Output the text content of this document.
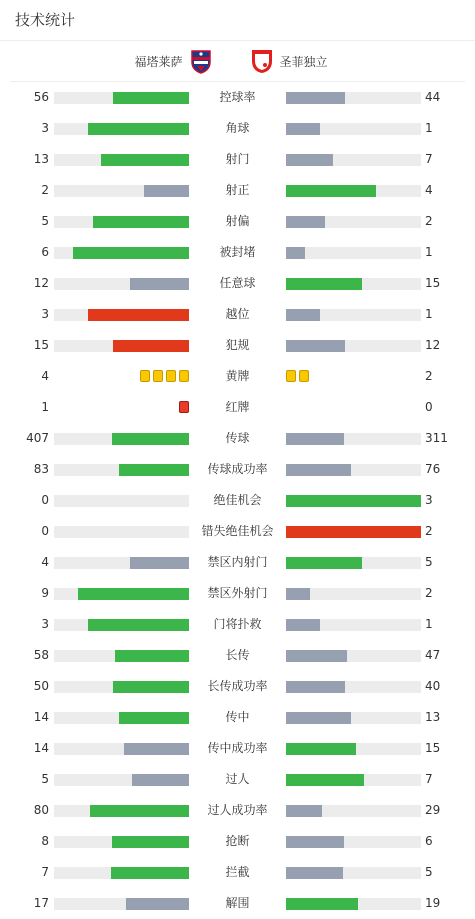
技术统计
福塔莱萨	圣菲独立
56	控球率	44
3	角球	1
13	射门	7
2	射正	4
5	射偏	2
6	被封堵	1
12	任意球	15
3	越位	1
15	犯规	12
4	黄牌	2
1	红牌	0
407	传球	311
83	传球成功率	76
0	绝佳机会	3
0	错失绝佳机会	2
4	禁区内射门	5
9	禁区外射门	2
3	门将扑救	1
58	长传	47
50	长传成功率	40
14	传中	13
14	传中成功率	15
5	过人	7
80	过人成功率	29
8	抢断	6
7	拦截	5
17	解围	19
